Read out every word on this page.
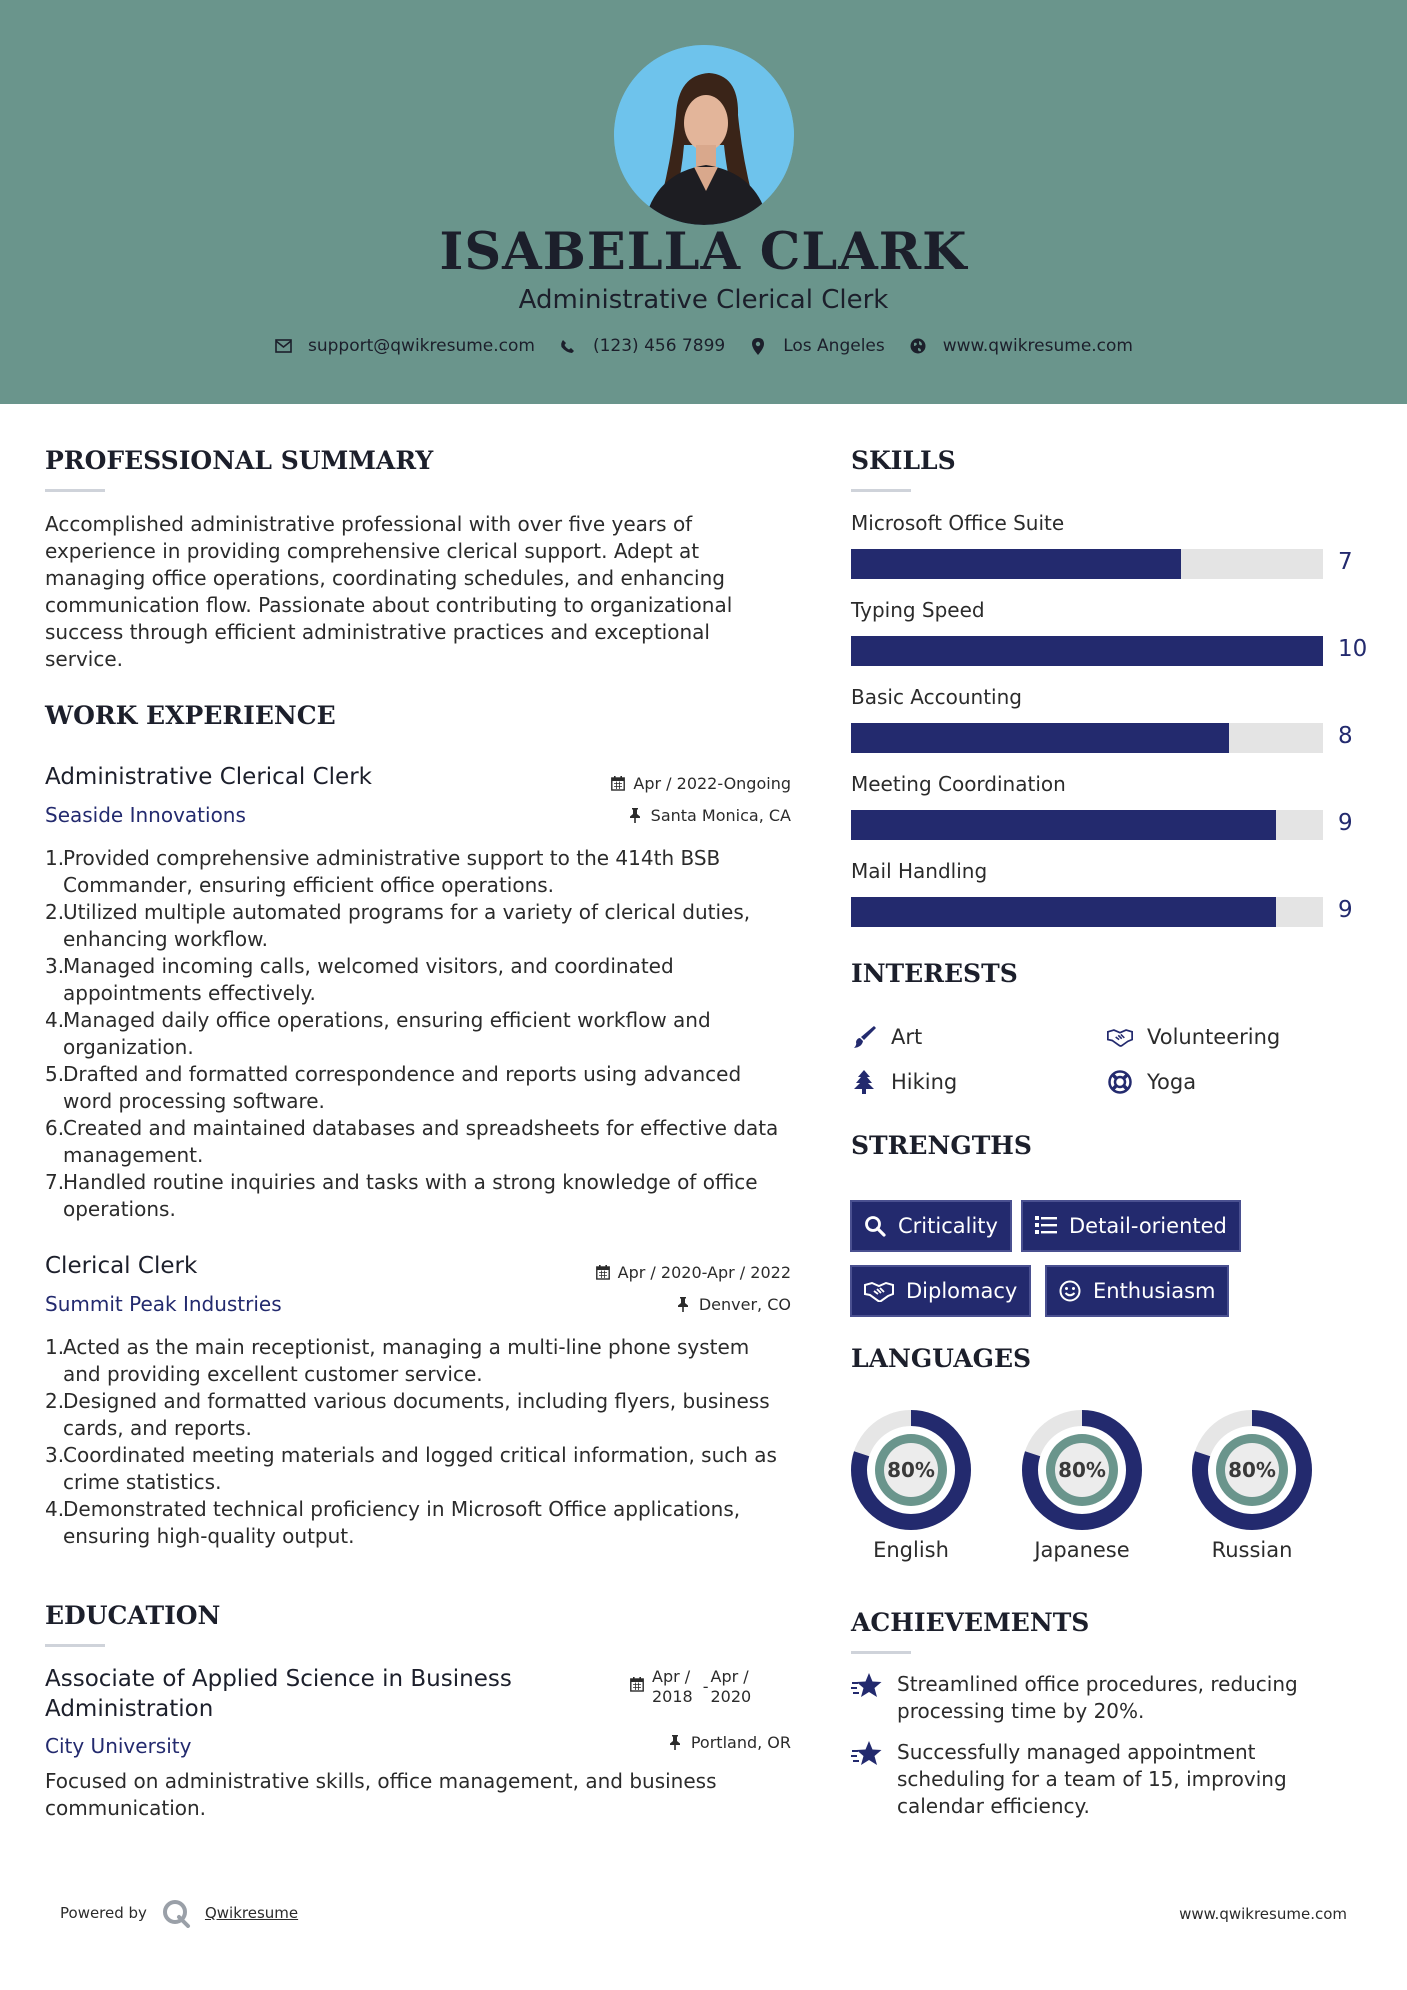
ISABELLA CLARK
Administrative Clerical Clerk
support@qwikresume.com	(123) 456 7899	Los Angeles	www.qwikresume.com
PROFESSIONAL SUMMARY
Accomplished administrative professional with over five years of experience in providing comprehensive clerical support. Adept at managing office operations, coordinating schedules, and enhancing communication flow. Passionate about contributing to organizational success through efficient administrative practices and exceptional service.
WORK EXPERIENCE
Administrative Clerical Clerk	Apr / 2022-Ongoing
Seaside Innovations	Santa Monica, CA
1.
Provided comprehensive administrative support to the 414th BSB Commander, ensuring efficient office operations.
2.
Utilized multiple automated programs for a variety of clerical duties, enhancing workflow.
3.
Managed incoming calls, welcomed visitors, and coordinated appointments effectively.
4.
Managed daily office operations, ensuring efficient workflow and organization.
5.
Drafted and formatted correspondence and reports using advanced word processing software.
6.
Created and maintained databases and spreadsheets for effective data management.
7.
Handled routine inquiries and tasks with a strong knowledge of office operations.
Clerical Clerk	Apr / 2020-Apr / 2022
Summit Peak Industries	Denver, CO
1.
Acted as the main receptionist, managing a multi-line phone system and providing excellent customer service.
2.
Designed and formatted various documents, including flyers, business cards, and reports.
3.
Coordinated meeting materials and logged critical information, such as crime statistics.
4.
Demonstrated technical proficiency in Microsoft Office applications, ensuring high-quality output.
EDUCATION
Associate of Applied Science in Business Administration
Apr /
2018
-
Apr /
2020
City University	Portland, OR
Focused on administrative skills, office management, and business communication.
SKILLS
Microsoft Office Suite
7
Typing Speed
10
Basic Accounting
8
Meeting Coordination
9
Mail Handling
9
INTERESTS
Art	Volunteering
Hiking	Yoga
STRENGTHS
Criticality	Detail-oriented
Diplomacy	Enthusiasm
LANGUAGES
80%
English
80%
Japanese
80%
Russian
ACHIEVEMENTS
Streamlined office procedures, reducing processing time by 20%.
Successfully managed appointment scheduling for a team of 15, improving calendar efficiency.
Powered by	Qwikresume	www.qwikresume.com
